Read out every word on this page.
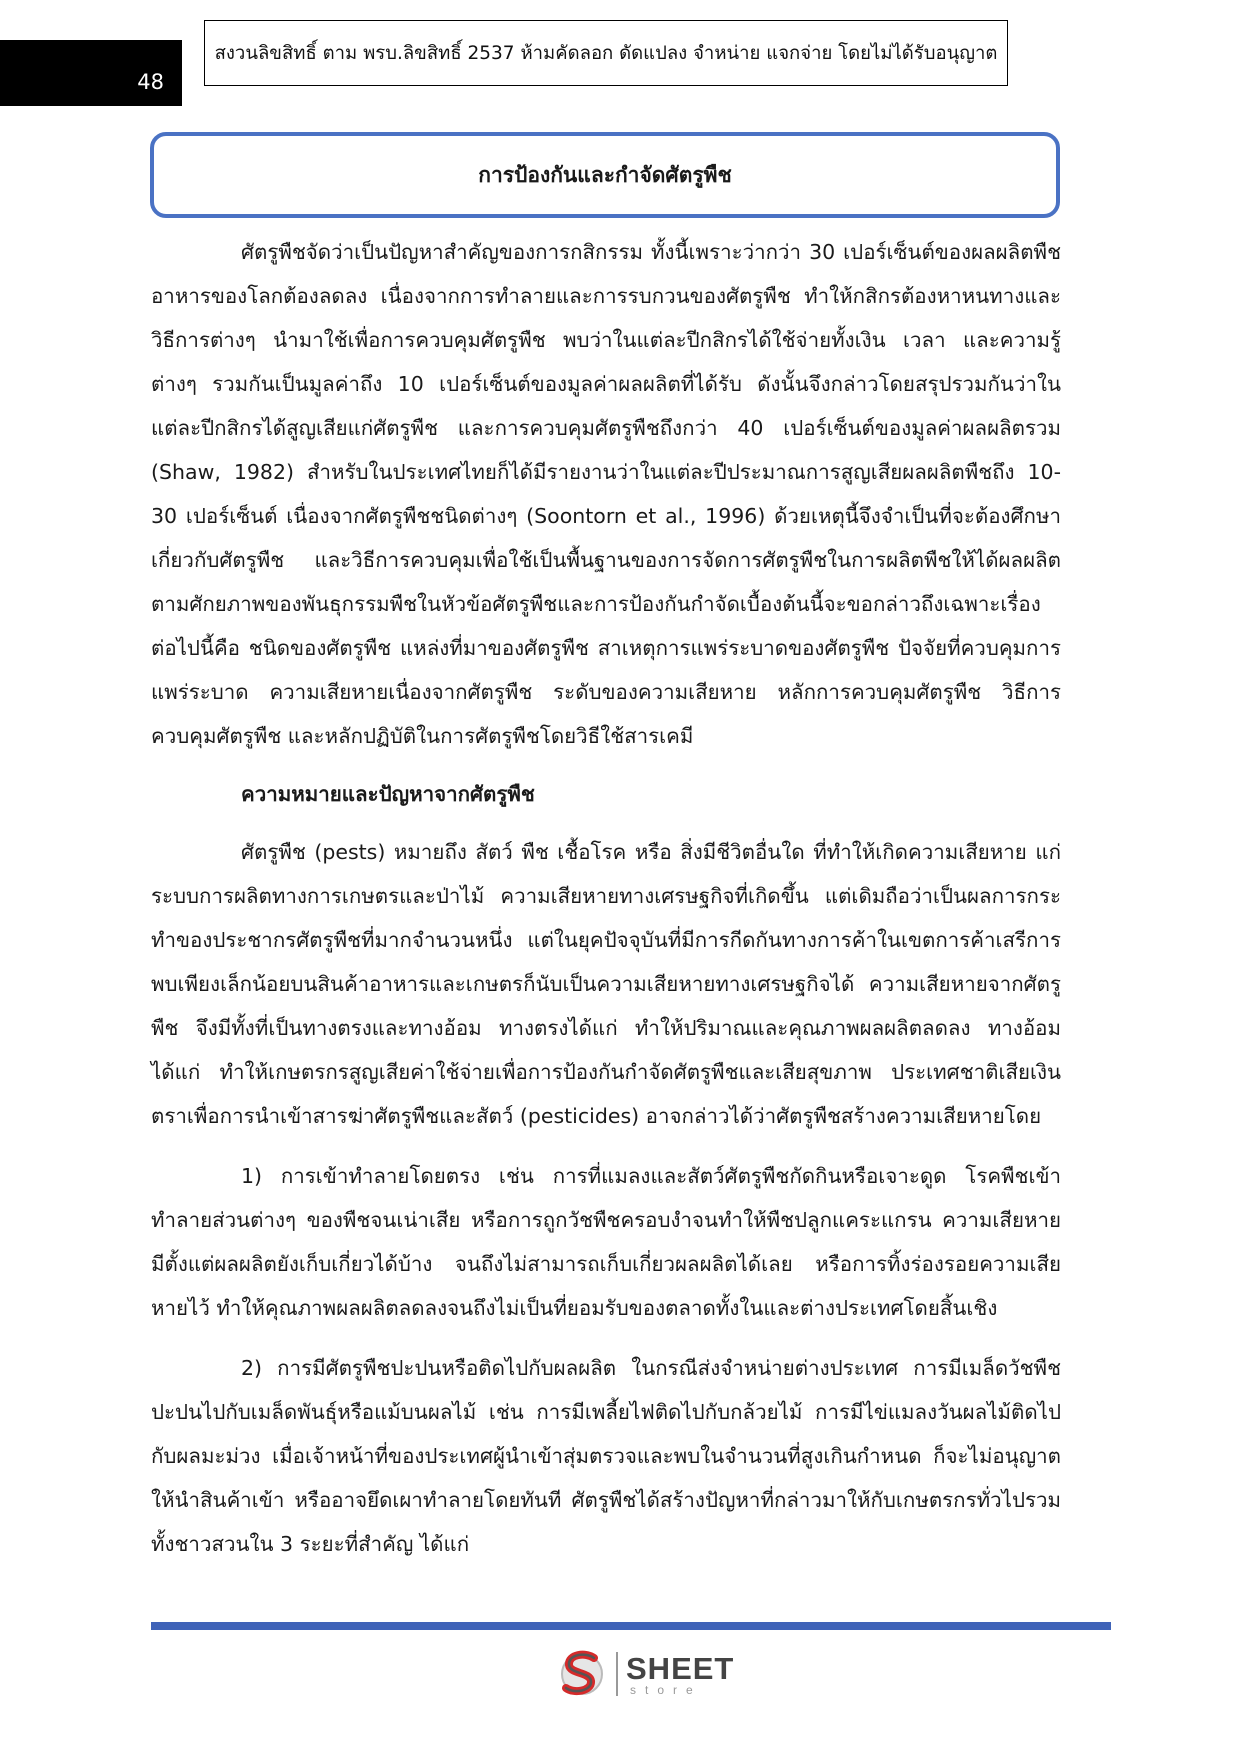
48
สงวนลิขสิทธิ์ ตาม พรบ.ลิขสิทธิ์ 2537 ห้ามคัดลอก ดัดแปลง จำหน่าย แจกจ่าย โดยไม่ได้รับอนุญาต
การป้องกันและกำจัดศัตรูพืช

ศัตรูพืชจัดว่าเป็นปัญหาสำคัญของการกสิกรรม ทั้งนี้เพราะว่ากว่า 30 เปอร์เซ็นต์ของผลผลิตพืชอาหารของโลกต้องลดลง เนื่องจากการทำลายและการรบกวนของศัตรูพืช ทำให้กสิกรต้องหาหนทางและวิธีการต่างๆ นำมาใช้เพื่อการควบคุมศัตรูพืช พบว่าในแต่ละปีกสิกรได้ใช้จ่ายทั้งเงิน เวลา และความรู้ต่างๆ รวมกันเป็นมูลค่าถึง 10 เปอร์เซ็นต์ของมูลค่าผลผลิตที่ได้รับ ดังนั้นจึงกล่าวโดยสรุปรวมกันว่าในแต่ละปีกสิกรได้สูญเสียแก่ศัตรูพืช และการควบคุมศัตรูพืชถึงกว่า 40 เปอร์เซ็นต์ของมูลค่าผลผลิตรวม (Shaw, 1982) สำหรับในประเทศไทยก็ได้มีรายงานว่าในแต่ละปีประมาณการสูญเสียผลผลิตพืชถึง 10-30 เปอร์เซ็นต์ เนื่องจากศัตรูพืชชนิดต่างๆ (Soontorn et al., 1996) ด้วยเหตุนี้จึงจำเป็นที่จะต้องศึกษาเกี่ยวกับศัตรูพืช และวิธีการควบคุมเพื่อใช้เป็นพื้นฐานของการจัดการศัตรูพืชในการผลิตพืชให้ได้ผลผลิตตามศักยภาพของพันธุกรรมพืชในหัวข้อศัตรูพืชและการป้องกันกำจัดเบื้องต้นนี้จะขอกล่าวถึงเฉพาะเรื่องต่อไปนี้คือ ชนิดของศัตรูพืช แหล่งที่มาของศัตรูพืช สาเหตุการแพร่ระบาดของศัตรูพืช ปัจจัยที่ควบคุมการแพร่ระบาด ความเสียหายเนื่องจากศัตรูพืช ระดับของความเสียหาย หลักการควบคุมศัตรูพืช วิธีการควบคุมศัตรูพืช และหลักปฏิบัติในการศัตรูพืชโดยวิธีใช้สารเคมี

ความหมายและปัญหาจากศัตรูพืช

ศัตรูพืช (pests) หมายถึง สัตว์ พืช เชื้อโรค หรือ สิ่งมีชีวิตอื่นใด ที่ทำให้เกิดความเสียหาย แก่ระบบการผลิตทางการเกษตรและป่าไม้ ความเสียหายทางเศรษฐกิจที่เกิดขึ้น แต่เดิมถือว่าเป็นผลการกระทำของประชากรศัตรูพืชที่มากจำนวนหนึ่ง แต่ในยุคปัจจุบันที่มีการกีดกันทางการค้าในเขตการค้าเสรีการพบเพียงเล็กน้อยบนสินค้าอาหารและเกษตรก็นับเป็นความเสียหายทางเศรษฐกิจได้ ความเสียหายจากศัตรูพืช จึงมีทั้งที่เป็นทางตรงและทางอ้อม ทางตรงได้แก่ ทำให้ปริมาณและคุณภาพผลผลิตลดลง ทางอ้อมได้แก่ ทำให้เกษตรกรสูญเสียค่าใช้จ่ายเพื่อการป้องกันกำจัดศัตรูพืชและเสียสุขภาพ ประเทศชาติเสียเงินตราเพื่อการนำเข้าสารฆ่าศัตรูพืชและสัตว์ (pesticides) อาจกล่าวได้ว่าศัตรูพืชสร้างความเสียหายโดย

1) การเข้าทำลายโดยตรง เช่น การที่แมลงและสัตว์ศัตรูพืชกัดกินหรือเจาะดูด โรคพืชเข้าทำลายส่วนต่างๆ ของพืชจนเน่าเสีย หรือการถูกวัชพืชครอบงำจนทำให้พืชปลูกแคระแกรน ความเสียหายมีตั้งแต่ผลผลิตยังเก็บเกี่ยวได้บ้าง จนถึงไม่สามารถเก็บเกี่ยวผลผลิตได้เลย หรือการทิ้งร่องรอยความเสียหายไว้ ทำให้คุณภาพผลผลิตลดลงจนถึงไม่เป็นที่ยอมรับของตลาดทั้งในและต่างประเทศโดยสิ้นเชิง

2) การมีศัตรูพืชปะปนหรือติดไปกับผลผลิต ในกรณีส่งจำหน่ายต่างประเทศ การมีเมล็ดวัชพืชปะปนไปกับเมล็ดพันธุ์หรือแม้บนผลไม้ เช่น การมีเพลี้ยไฟติดไปกับกล้วยไม้ การมีไข่แมลงวันผลไม้ติดไปกับผลมะม่วง เมื่อเจ้าหน้าที่ของประเทศผู้นำเข้าสุ่มตรวจและพบในจำนวนที่สูงเกินกำหนด ก็จะไม่อนุญาตให้นำสินค้าเข้า หรืออาจยึดเผาทำลายโดยทันที ศัตรูพืชได้สร้างปัญหาที่กล่าวมาให้กับเกษตรกรทั่วไปรวมทั้งชาวสวนใน 3 ระยะที่สำคัญ ได้แก่

SHEET
store
